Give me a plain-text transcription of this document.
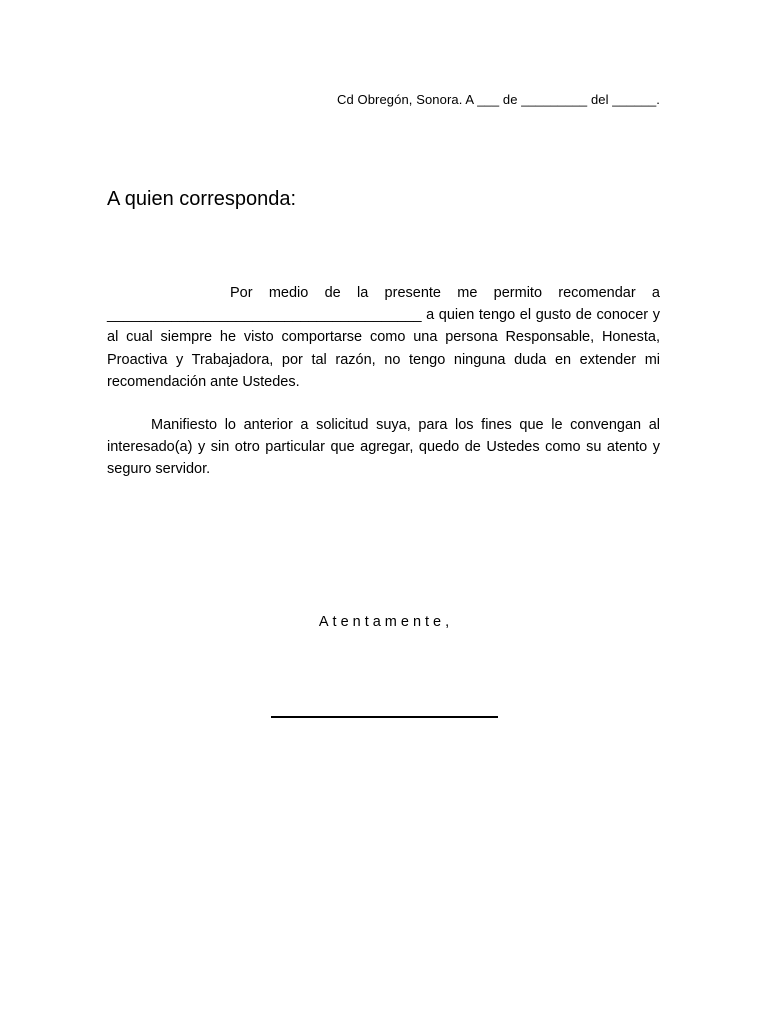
Cd Obregón, Sonora. A ___ de _________ del ______.
A quien corresponda:

Por medio de la presente me permito recomendar a _______________________________________ a quien tengo el gusto de conocer y al cual siempre he visto comportarse como una persona Responsable, Honesta, Proactiva y Trabajadora, por tal razón, no tengo ninguna duda en extender mi recomendación ante Ustedes.

Manifiesto lo anterior a solicitud suya, para los fines que le convengan al interesado(a) y sin otro particular que agregar, quedo de Ustedes como su atento y seguro servidor.

Atentamente,
